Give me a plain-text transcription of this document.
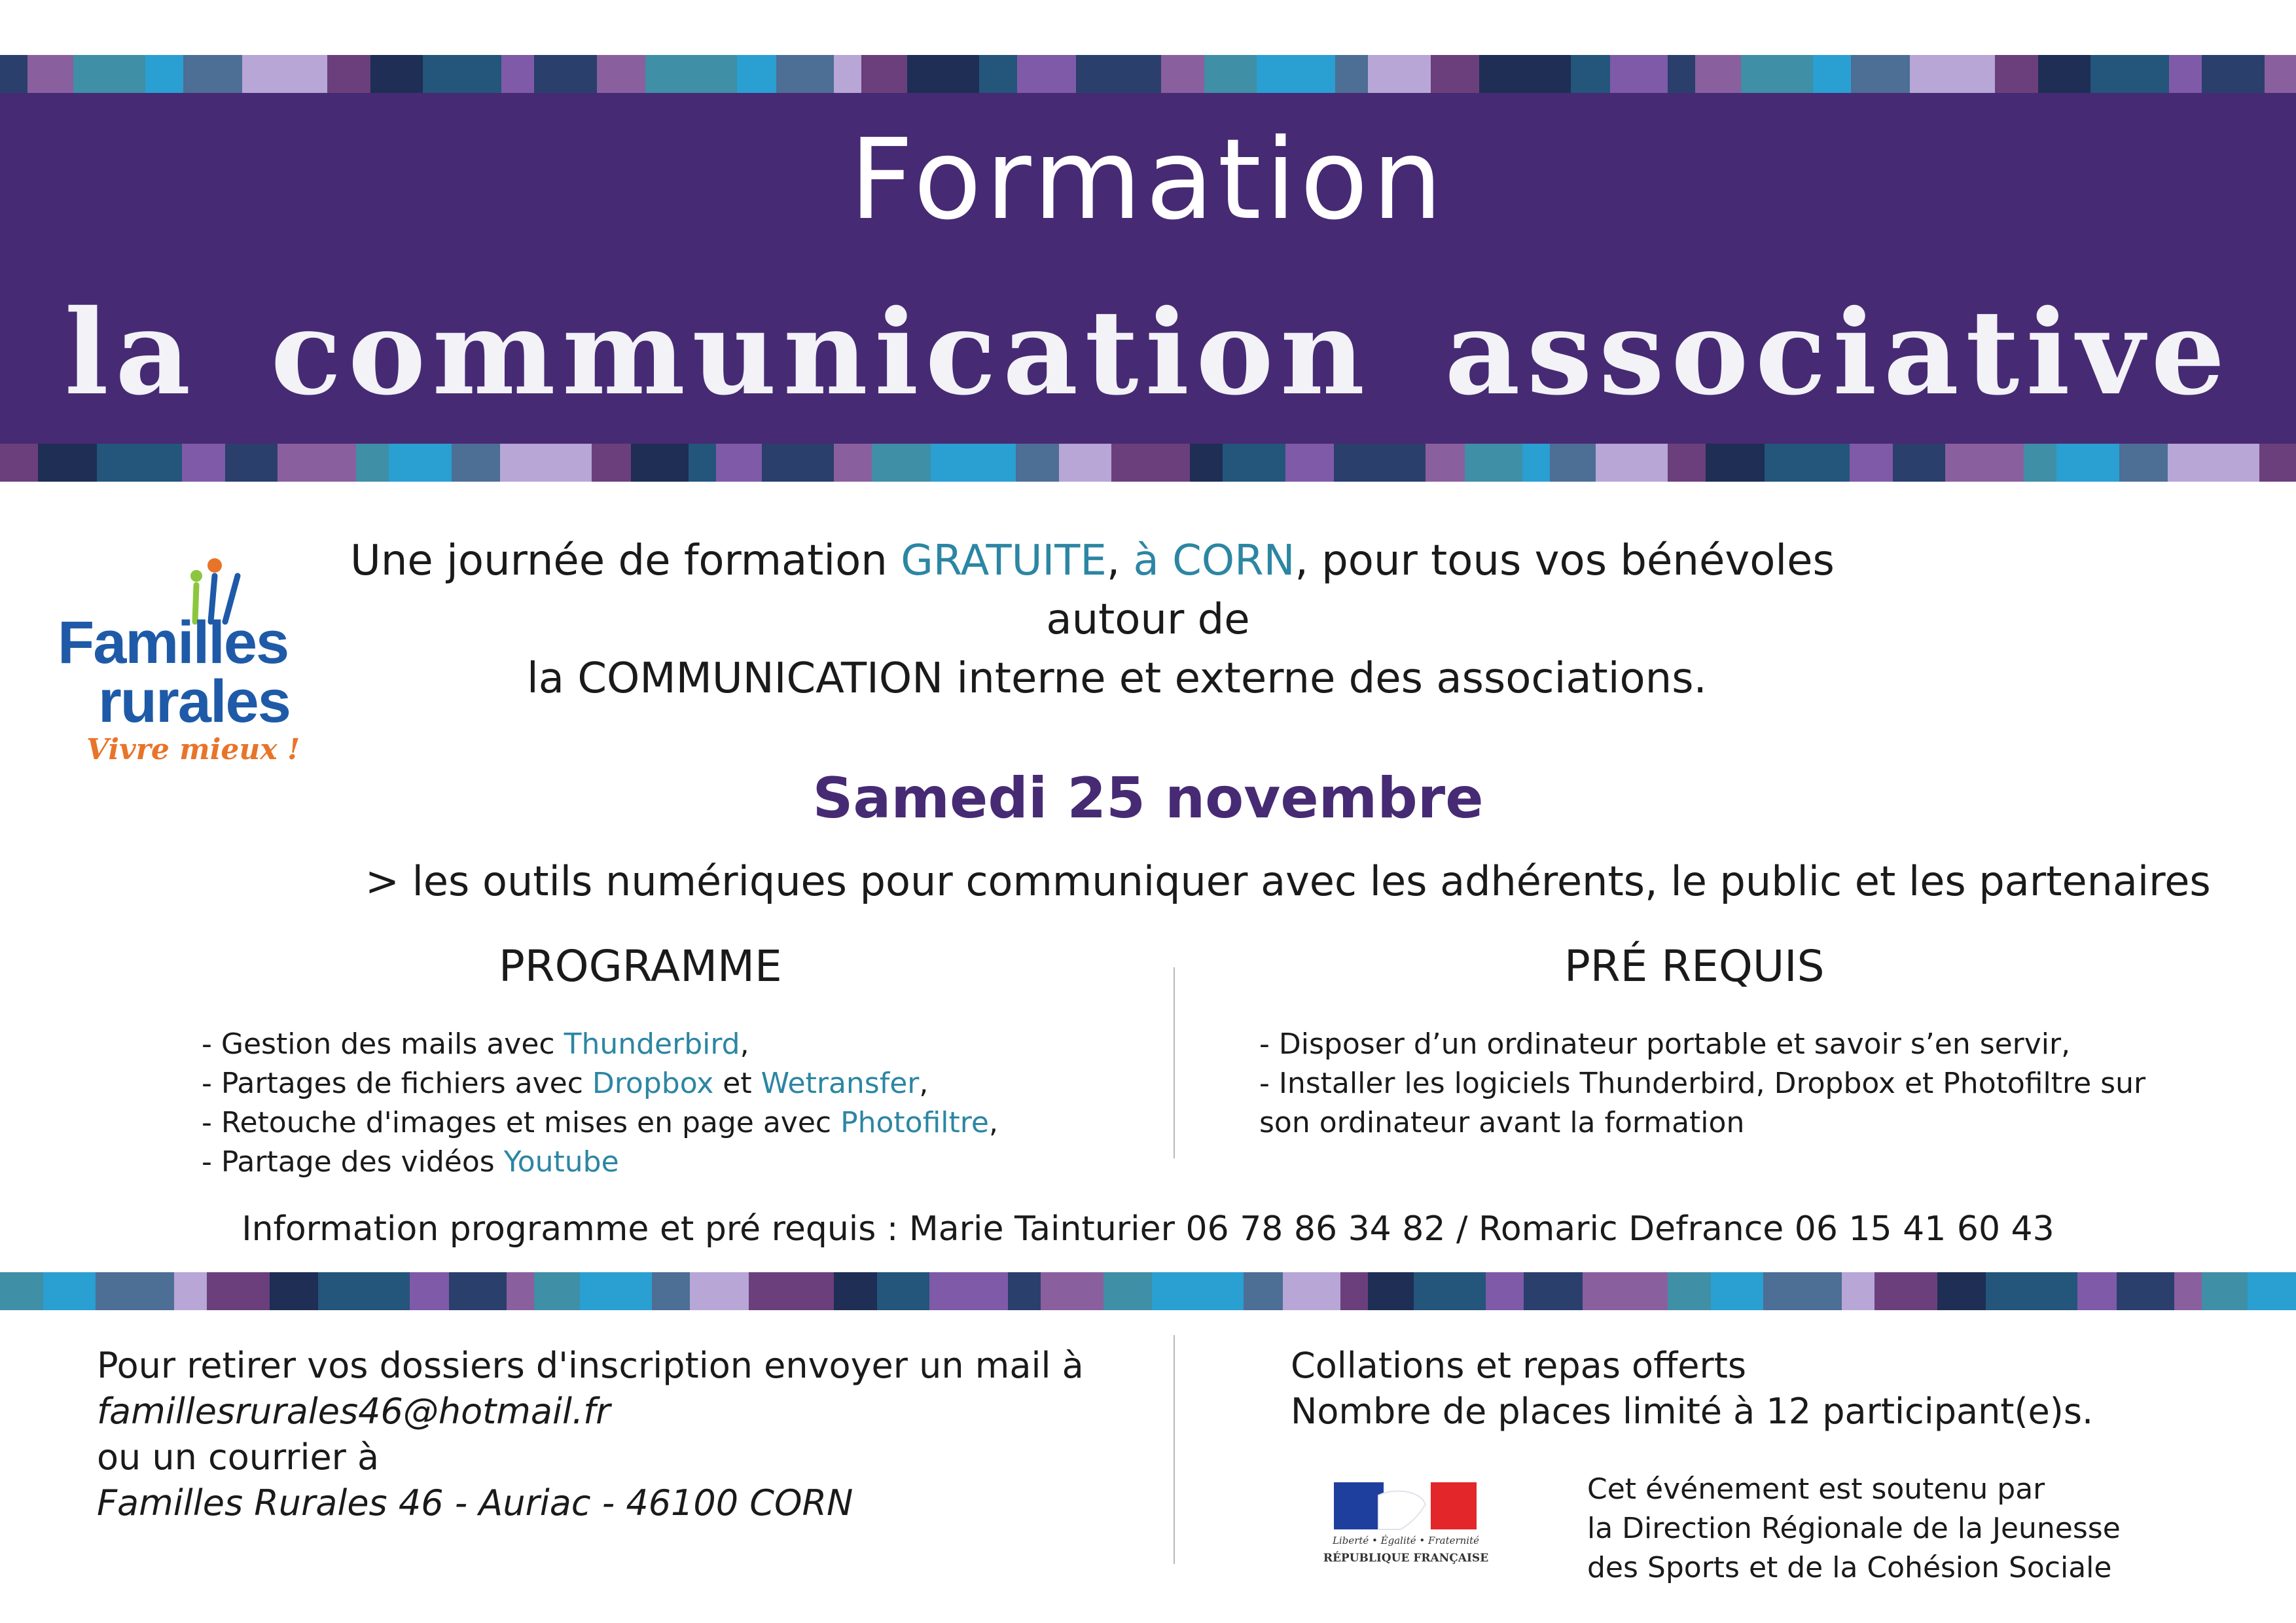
Formation
la communication associative
Familles
rurales
Vivre mieux !
Une journée de formation GRATUITE, à CORN, pour tous vos bénévoles
autour de
la COMMUNICATION interne et externe des associations.
Samedi 25 novembre
> les outils numériques pour communiquer avec les adhérents, le public et les partenaires
PROGRAMME
- Gestion des mails avec Thunderbird,
- Partages de fichiers avec Dropbox et Wetransfer,
- Retouche d'images et mises en page avec Photofiltre,
- Partage des vidéos Youtube
PRÉ REQUIS
- Disposer d’un ordinateur portable et savoir s’en servir,
- Installer les logiciels Thunderbird, Dropbox et Photofiltre sur
son ordinateur avant la formation
Information programme et pré requis : Marie Tainturier 06 78 86 34 82 / Romaric Defrance 06 15 41 60 43
Pour retirer vos dossiers d'inscription envoyer un mail à
famillesrurales46@hotmail.fr
ou un courrier à
Familles Rurales 46 - Auriac - 46100 CORN
Collations et repas offerts
Nombre de places limité à 12 participant(e)s.
Liberté • Égalité • Fraternité
RÉPUBLIQUE FRANÇAISE
Cet événement est soutenu par
la Direction Régionale de la Jeunesse
des Sports et de la Cohésion Sociale
